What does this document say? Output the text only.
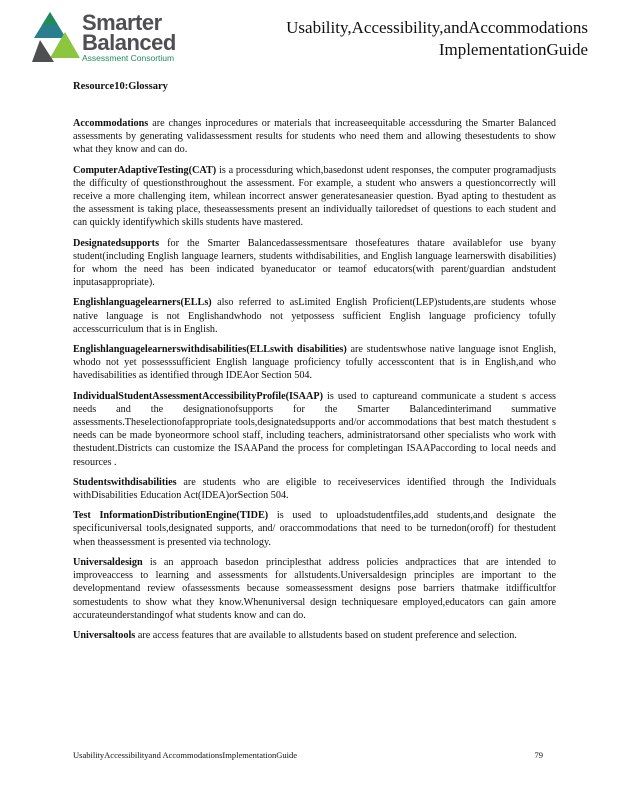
Smarter
Balanced
Assessment Consortium
Usability,Accessibility,andAccommodations
ImplementationGuide
Resource10:Glossary

Accommodations are changes inprocedures or materials that increaseequitable accessduring the Smarter Balanced assessments by generating validassessment results for students who need them and allowing thesestudents to show what they know and can do.

ComputerAdaptiveTesting(CAT) is a processduring which,basedonst udent responses, the computer programadjusts the difficulty of questionsthroughout the assessment. For example, a student who answers a questioncorrectly will receive a more challenging item, whilean incorrect answer generatesaneasier question. Byad apting to thestudent as the assessment is taking place, theseassessments present an individually tailoredset of questions to each student and can quickly identifywhich skills students have mastered.

Designatedsupports for the Smarter Balancedassessmentsare thosefeatures thatare availablefor use byany student(including English language learners, students withdisabilities, and English language learnerswith disabilities) for whom the need has been indicated byaneducator or teamof educators(with parent/guardian andstudent inputasappropriate).

Englishlanguagelearners(ELLs) also referred to asLimited English Proficient(LEP)students,are students whose native language is not Englishandwhodo not yetpossess sufficient English language proficiency tofully accesscurriculum that is in English.

Englishlanguagelearnerswithdisabilities(ELLswith disabilities) are studentswhose native language isnot English, whodo not yet possesssufficient English language proficiency tofully accesscontent that is in English,and who havedisabilities as identified through IDEAor Section 504.

IndividualStudentAssessmentAccessibilityProfile(ISAAP) is used to captureand communicate a student s access needs and the designationofsupports for the Smarter Balancedinterimand summative assessments.Theselectionofappropriate tools,designatedsupports and/or accommodations that best match thestudent s needs can be made byoneormore school staff, including teachers, administratorsand other specialists who work with thestudent.Districts can customize the ISAAPand the process for completingan ISAAPaccording to local needs and resources .

Studentswithdisabilities are students who are eligible to receiveservices identified through the Individuals withDisabilities Education Act(IDEA)orSection 504.

Test InformationDistributionEngine(TIDE) is used to uploadstudentfiles,add students,and designate the specificuniversal tools,designated supports, and/ oraccommodations that need to be turnedon(oroff) for thestudent when theassessment is presented via technology.

Universaldesign is an approach basedon principlesthat address policies andpractices that are intended to improveaccess to learning and assessments for allstudents.Universaldesign principles are important to the developmentand review ofassessments because someassessment designs pose barriers thatmake itdifficultfor somestudents to show what they know.Whenuniversal design techniquesare employed,educators can gain amore accurateunderstandingof what students know and can do.

Universaltools are access features that are available to allstudents based on student preference and selection.

UsabilityAccessibilityand AccommodationsImplementationGuide	79
